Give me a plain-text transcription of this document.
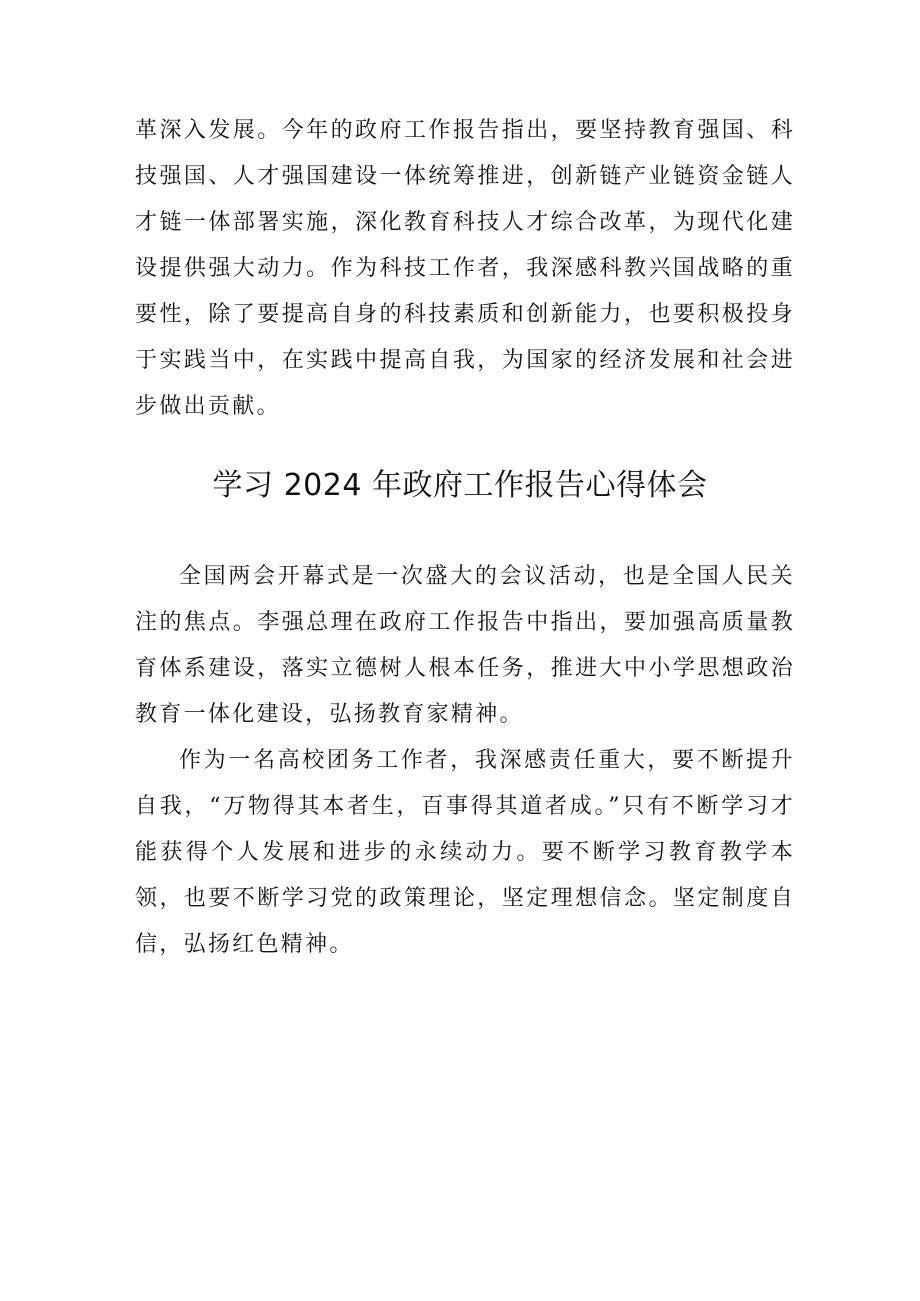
革深入发展。今年的政府工作报告指出，要坚持教育强国、科技强国、人才强国建设一体统筹推进，创新链产业链资金链人才链一体部署实施，深化教育科技人才综合改革，为现代化建设提供强大动力。作为科技工作者，我深感科教兴国战略的重要性，除了要提高自身的科技素质和创新能力，也要积极投身于实践当中，在实践中提高自我，为国家的经济发展和社会进步做出贡献。

学习 2024 年政府工作报告心得体会

全国两会开幕式是一次盛大的会议活动，也是全国人民关注的焦点。李强总理在政府工作报告中指出，要加强高质量教育体系建设，落实立德树人根本任务，推进大中小学思想政治教育一体化建设，弘扬教育家精神。

作为一名高校团务工作者，我深感责任重大，要不断提升自我，“万物得其本者生，百事得其道者成。”只有不断学习才能获得个人发展和进步的永续动力。要不断学习教育教学本领，也要不断学习党的政策理论，坚定理想信念。坚定制度自信，弘扬红色精神。
